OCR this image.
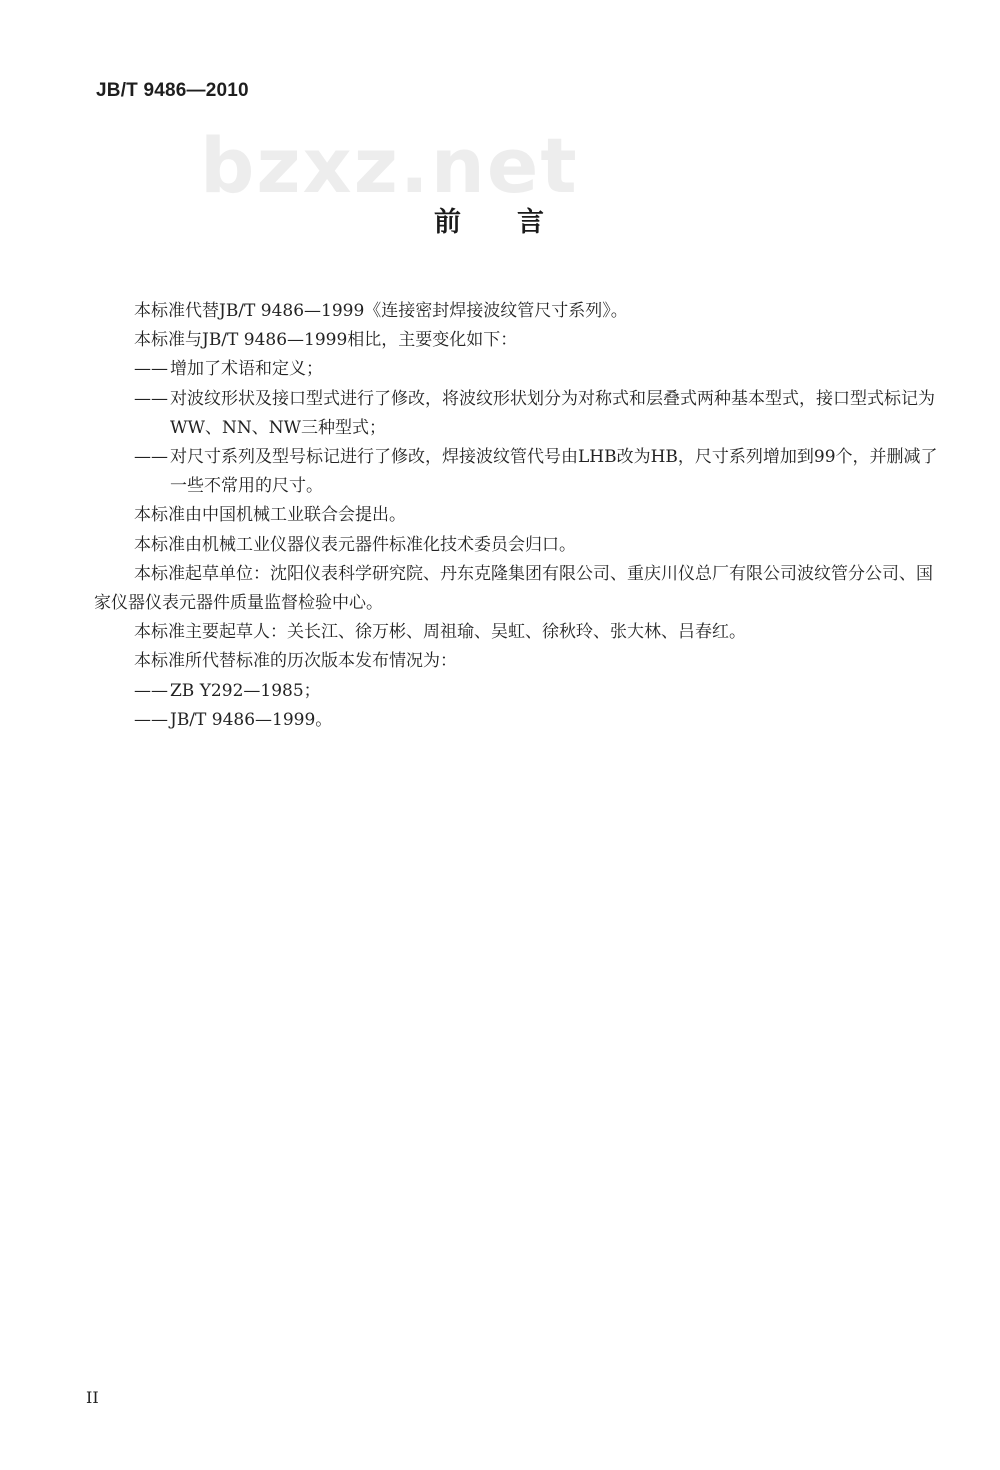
JB/T 9486—2010
bzxz.net
前言

本标准代替JB/T 9486—1999《连接密封焊接波纹管尺寸系列》。

本标准与JB/T 9486—1999相比，主要变化如下：

—— 增加了术语和定义；

—— 对波纹形状及接口型式进行了修改，将波纹形状划分为对称式和层叠式两种基本型式，接口型式标记为WW、NN、NW三种型式；

—— 对尺寸系列及型号标记进行了修改，焊接波纹管代号由LHB改为HB，尺寸系列增加到99个，并删减了一些不常用的尺寸。

本标准由中国机械工业联合会提出。

本标准由机械工业仪器仪表元器件标准化技术委员会归口。

本标准起草单位：沈阳仪表科学研究院、丹东克隆集团有限公司、重庆川仪总厂有限公司波纹管分公司、国家仪器仪表元器件质量监督检验中心。

本标准主要起草人：关长江、徐万彬、周祖瑜、吴虹、徐秋玲、张大林、吕春红。

本标准所代替标准的历次版本发布情况为：

—— ZB Y292—1985；

—— JB/T 9486—1999。

II
